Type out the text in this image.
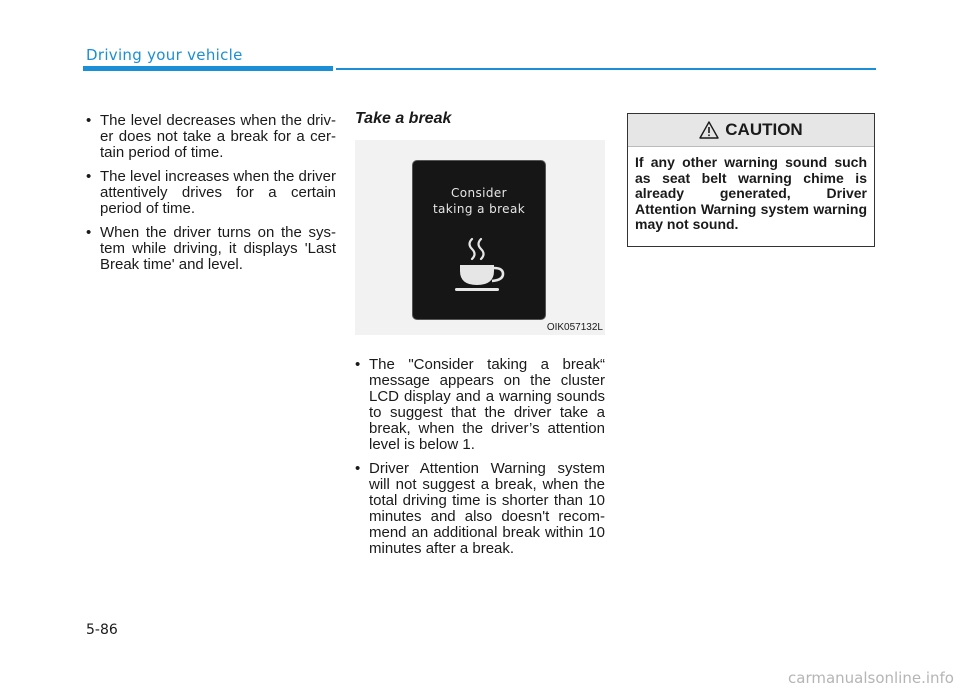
Driving your vehicle
• The level decreases when the driver does not take a break for a certain period of time.
• The level increases when the driver attentively drives for a certain period of time.
• When the driver turns on the system while driving, it displays 'Last Break time' and level.
Take a break
Consider
taking a break
OIK057132L
• The "Consider taking a break“ message appears on the cluster LCD display and a warning sounds to suggest that the driver take a break, when the driver’s attention level is below 1.
• Driver Attention Warning system will not suggest a break, when the total driving time is shorter than 10 minutes and also doesn't recommend an additional break within 10 minutes after a break.
CAUTION
If any other warning sound such as seat belt warning chime is already generated, Driver Attention Warning system warning may not sound.
5-86
carmanualsonline.info
